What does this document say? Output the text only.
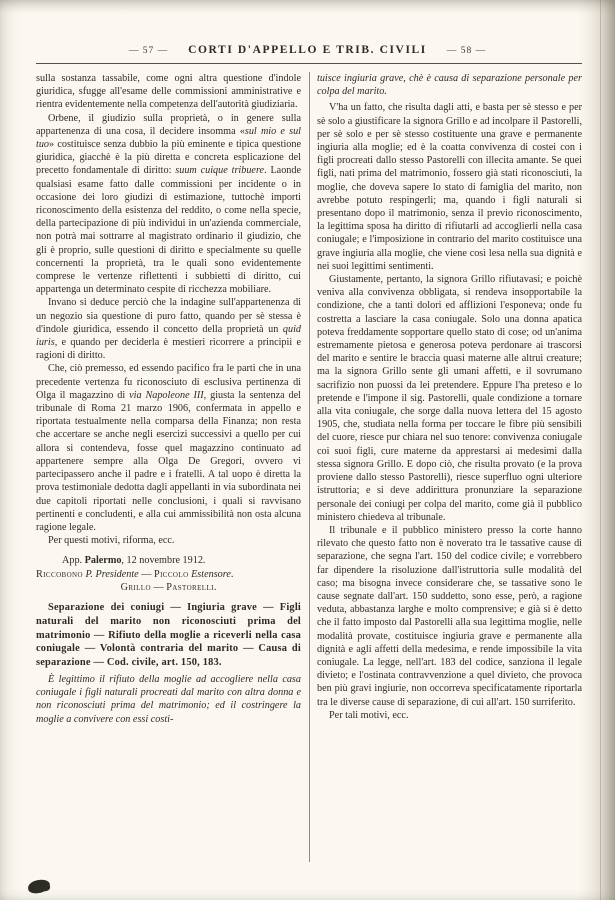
— 57 — CORTI D'APPELLO E TRIB. CIVILI — 58 —

sulla sostanza tassabile, come ogni altra questione d'indole giuridica, sfugge all'esame delle commissioni amministrative e rientra evidentemente nella competenza dell'autorità giudiziaria.

Orbene, il giudizio sulla proprietà, o in genere sulla appartenenza di una cosa, il decidere insomma «sul mio e sul tuo» costituisce senza dubbio la più eminente e tipica questione giuridica, giacchè è la più diretta e concreta esplicazione del precetto fondamentale di diritto: suum cuique tribuere. Laonde qualsiasi esame fatto dalle commissioni per incidente o in occasione dei loro giudizi di estimazione, tuttochè importi riconoscimento della esistenza del reddito, o come nella specie, della partecipazione di più individui in un'azienda commerciale, non potrà mai sottrarre al magistrato ordinario il giudizio, che gli è proprio, sulle questioni di diritto e specialmente su quelle concernenti la proprietà, tra le quali sono evidentemente comprese le vertenze riflettenti i subbietti di diritto, cui appartenga un determinato cespite di ricchezza mobiliare.

Invano si deduce perciò che la indagine sull'appartenenza di un negozio sia questione di puro fatto, quando per sè stessa è d'indole giuridica, essendo il concetto della proprietà un quid iuris, e quando per deciderla è mestieri ricorrere a principii e ragioni di diritto.

Che, ciò premesso, ed essendo pacifico fra le parti che in una precedente vertenza fu riconosciuto di esclusiva pertinenza di Olga il magazzino di via Napoleone III, giusta la sentenza del tribunale di Roma 21 marzo 1906, confermata in appello e riportata testualmente nella comparsa della Finanza; non resta che accertare se anche negli esercizi successivi a quello per cui allora si contendeva, fosse quel magazzino continuato ad appartenere sempre alla Olga De Gregori, ovvero vi partecipassero anche il padre e i fratelli. A tal uopo è diretta la prova testimoniale dedotta dagli appellanti in via subordinata nei due capitoli riportati nelle conclusioni, i quali si ravvisano pertinenti e concludenti, e alla cui ammissibilità non osta alcuna ragione legale.

Per questi motivi, riforma, ecc.

App. Palermo, 12 novembre 1912.

Riccobono P. Presidente — Piccolo Estensore.

Grillo — Pastorelli.

Separazione dei coniugi — Ingiuria grave — Figli naturali del marito non riconosciuti prima del matrimonio — Rifiuto della moglie a riceverli nella casa coniugale — Volontà contraria del marito — Causa di separazione — Cod. civile, art. 150, 183.

È legittimo il rifiuto della moglie ad accogliere nella casa coniugale i figli naturali procreati dal marito con altra donna e non riconosciuti prima del matrimonio; ed il costringere la moglie a convivere con essi costi-

tuisce ingiuria grave, chè è causa di separazione personale per colpa del marito.

V'ha un fatto, che risulta dagli atti, e basta per sè stesso e per sè solo a giustificare la signora Grillo e ad incolpare il Pastorelli, per sè solo e per sè stesso costituente una grave e permanente ingiuria alla moglie; ed è la coatta convivenza di costei con i figli procreati dallo stesso Pastorelli con illecita amante. Se quei figli, nati prima del matrimonio, fossero già stati riconosciuti, la moglie, che doveva sapere lo stato di famiglia del marito, non avrebbe potuto respingerli; ma, quando i figli naturali si presentano dopo il matrimonio, senza il previo riconoscimento, la legittima sposa ha diritto di rifiutarli ad accoglierli nella casa coniugale; e l'imposizione in contrario del marito costituisce una grave ingiuria alla moglie, che viene così lesa nella sua dignità e nei suoi legittimi sentimenti.

Giustamente, pertanto, la signora Grillo rifiutavasi; e poichè veniva alla convivenza obbligata, si rendeva insopportabile la condizione, che a tanti dolori ed afflizioni l'esponeva; onde fu costretta a lasciare la casa coniugale. Solo una donna apatica poteva freddamente sopportare quello stato di cose; od un'anima estremamente pietosa e generosa poteva perdonare ai trascorsi del marito e sentire le braccia quasi materne alle altrui creature; ma la signora Grillo sente gli umani affetti, e il sovrumano sacrifizio non puossi da lei pretendere. Eppure l'ha preteso e lo pretende e l'impone il sig. Pastorelli, quale condizione a tornare alla vita coniugale, che sorge dalla nuova lettera del 15 agosto 1905, che, studiata nella forma per toccare le fibre più sensibili del cuore, riesce pur chiara nel suo tenore: convivenza coniugale coi suoi figli, cure materne da apprestarsi ai medesimi dalla stessa signora Grillo. E dopo ciò, che risulta provato (e la prova proviene dallo stesso Pastorelli), riesce superfluo ogni ulteriore istruttoria; e si deve addirittura pronunziare la separazione personale dei coniugi per colpa del marito, come già il pubblico ministero chiedeva al tribunale.

Il tribunale e il pubblico ministero presso la corte hanno rilevato che questo fatto non è noverato tra le tassative cause di separazione, che segna l'art. 150 del codice civile; e vorrebbero far dipendere la risoluzione dall'istruttoria sulle modalità del caso; ma bisogna invece considerare che, se tassative sono le cause segnate dall'art. 150 suddetto, sono esse, però, a ragione veduta, abbastanza larghe e molto comprensive; e già si è detto che il fatto imposto dal Pastorelli alla sua legittima moglie, nelle modalità provate, costituisce ingiuria grave e permanente alla dignità e agli affetti della medesima, e rende impossibile la vita coniugale. La legge, nell'art. 183 del codice, sanziona il legale divieto; e l'ostinata contravvenzione a quel divieto, che provoca ben più gravi ingiurie, non occorreva specificatamente riportarla tra le diverse cause di separazione, di cui all'art. 150 surriferito.

Per tali motivi, ecc.
